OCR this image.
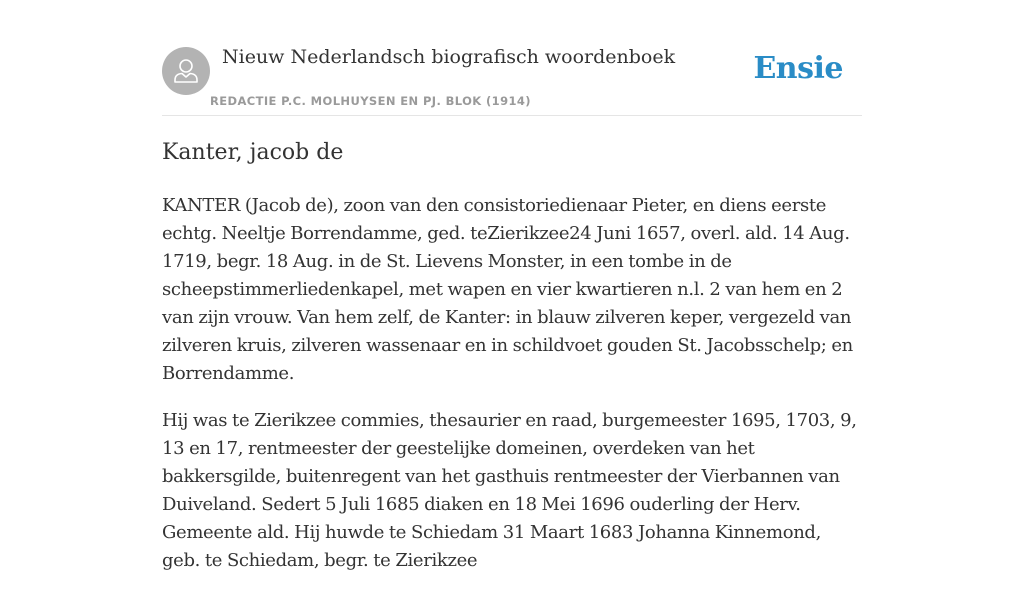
Nieuw Nederlandsch biografisch woordenboek
REDACTIE P.C. MOLHUYSEN EN PJ. BLOK (1914)
Ensie
Kanter, jacob de

KANTER (Jacob de), zoon van den consistoriedienaar Pieter, en diens eerste echtg. Neeltje Borrendamme, ged. teZierikzee24 Juni 1657, overl. ald. 14 Aug. 1719, begr. 18 Aug. in de St. Lievens Monster, in een tombe in de scheepstimmerliedenkapel, met wapen en vier kwartieren n.l. 2 van hem en 2 van zijn vrouw. Van hem zelf, de Kanter: in blauw zilveren keper, vergezeld van zilveren kruis, zilveren wassenaar en in schildvoet gouden St. Jacobsschelp; en Borrendamme.

Hij was te Zierikzee commies, thesaurier en raad, burgemeester 1695, 1703, 9, 13 en 17, rentmeester der geestelijke domeinen, overdeken van het bakkersgilde, buitenregent van het gasthuis rentmeester der Vierbannen van Duiveland. Sedert 5 Juli 1685 diaken en 18 Mei 1696 ouderling der Herv. Gemeente ald. Hij huwde te Schiedam 31 Maart 1683 Johanna Kinnemond, geb. te Schiedam, begr. te Zierikzee
